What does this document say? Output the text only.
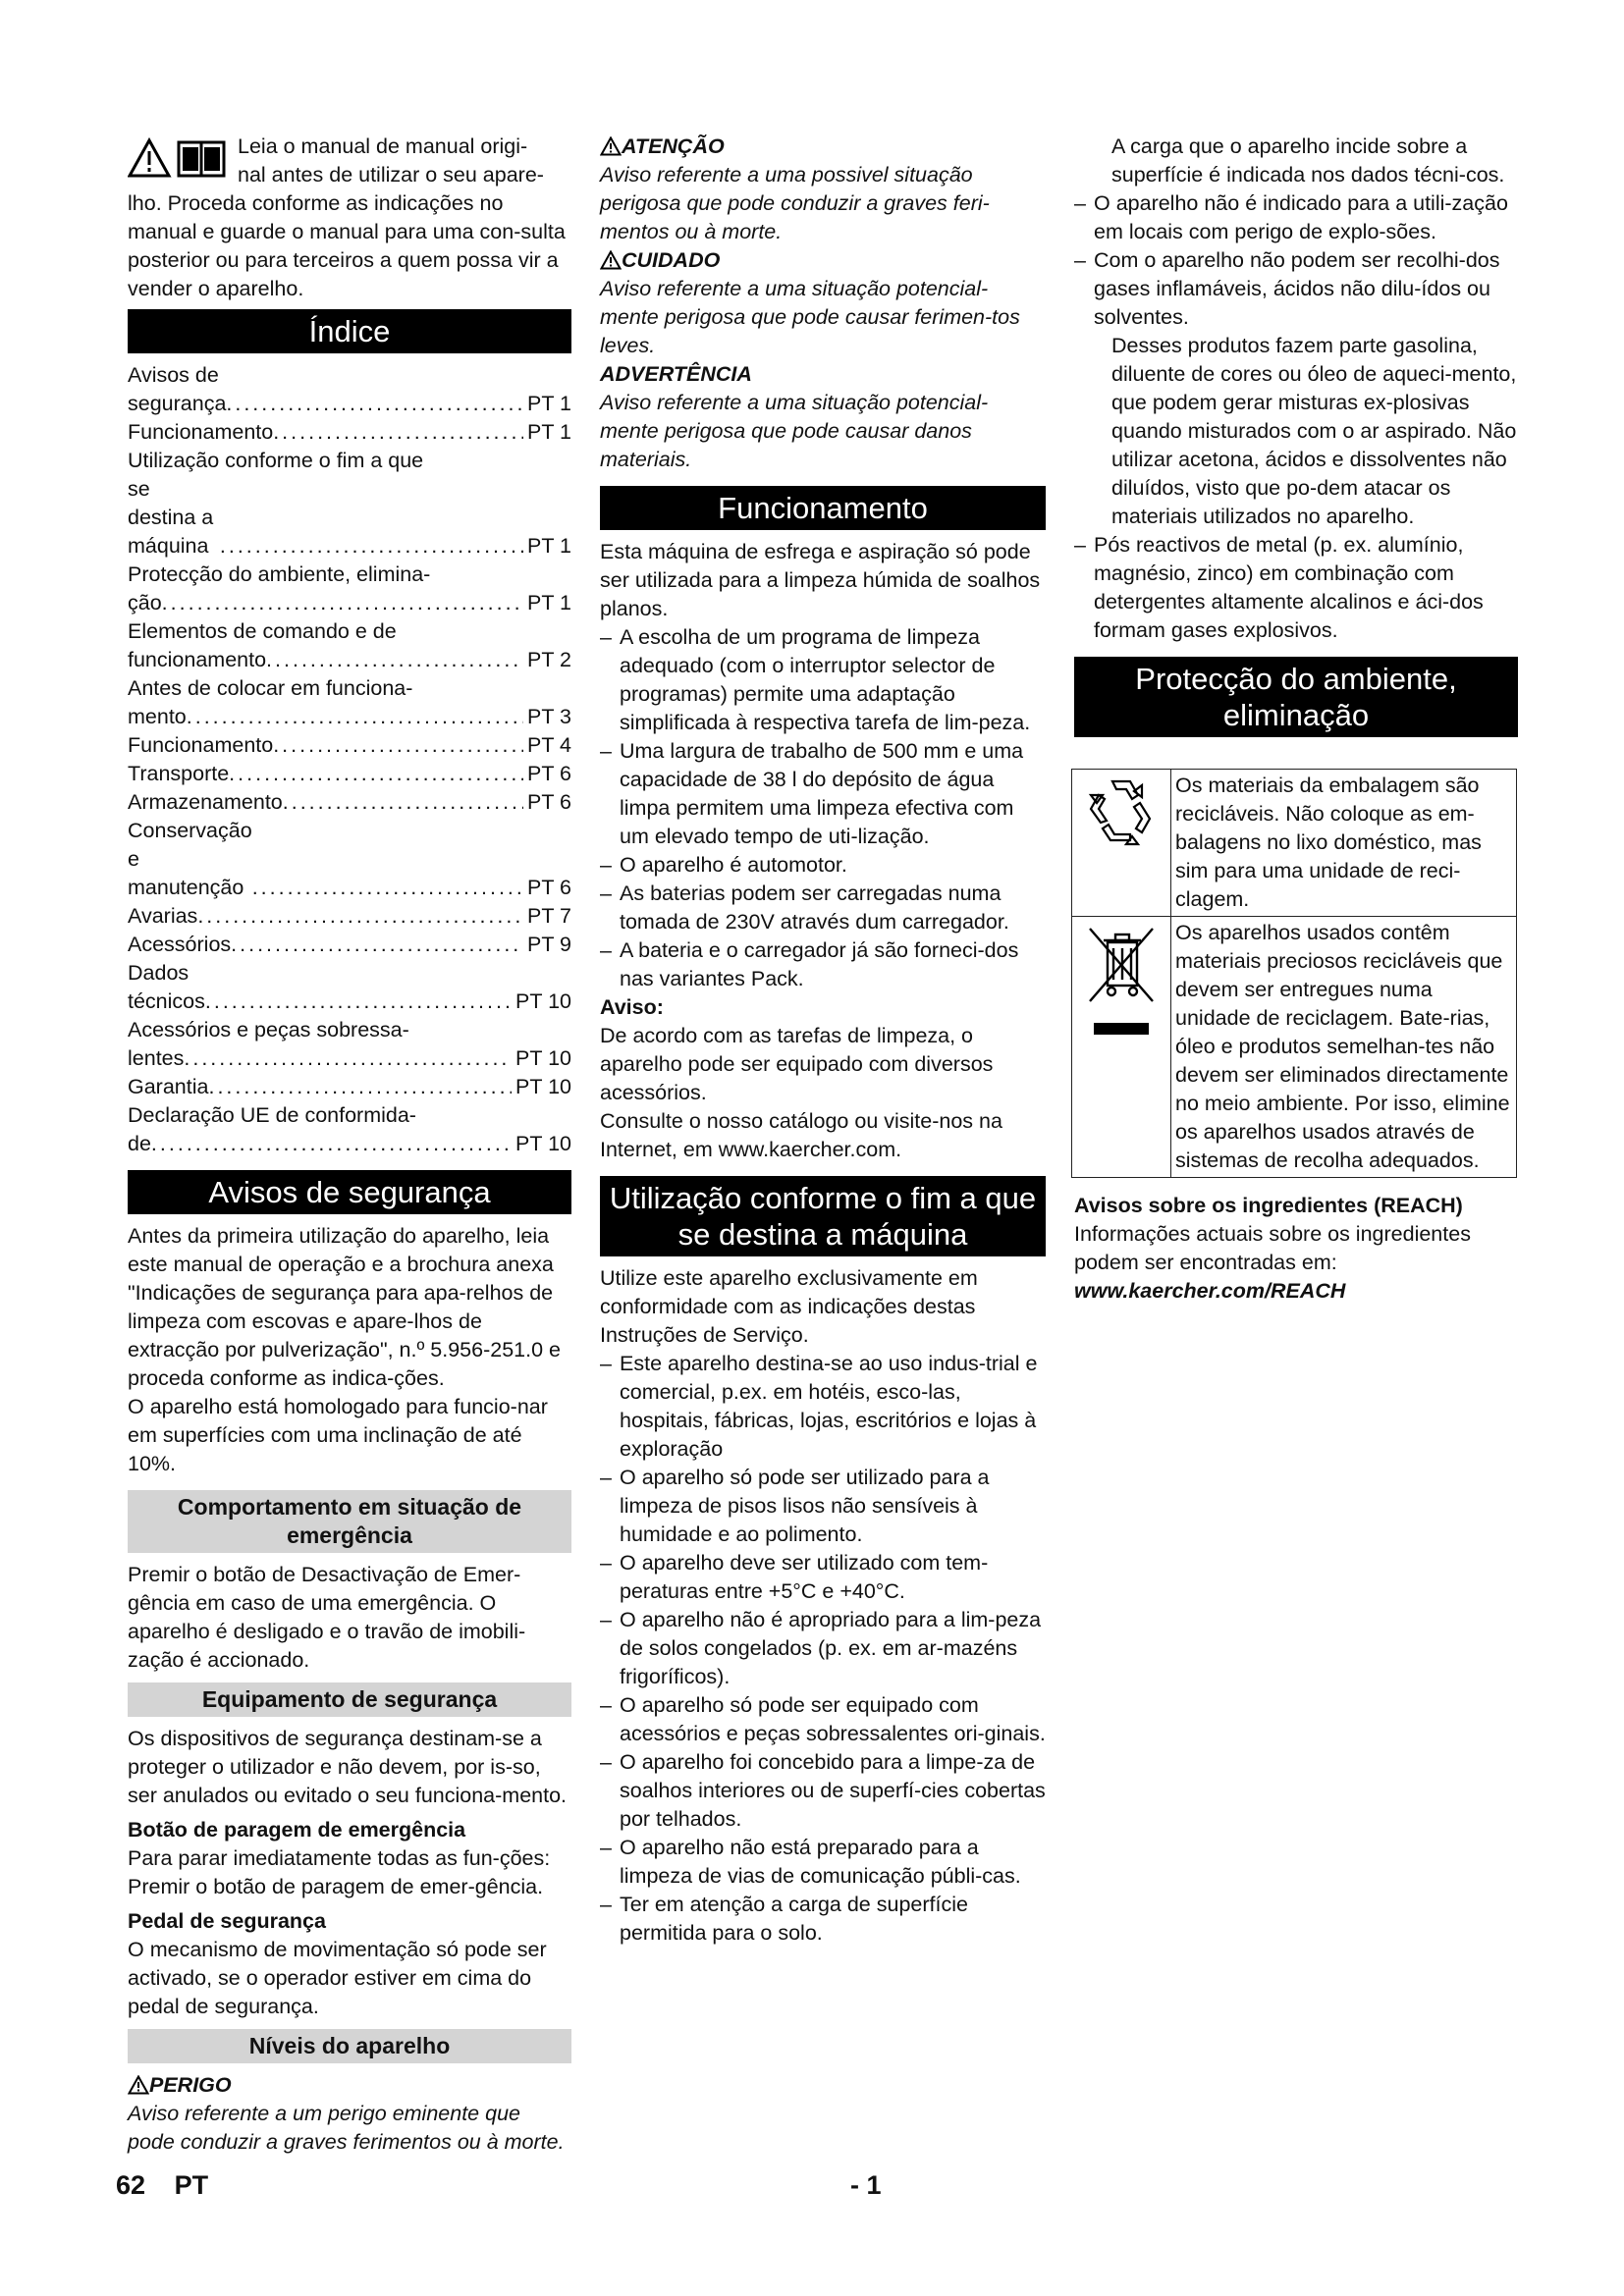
Leia o manual de manual origi-

nal antes de utilizar o seu apare-

lho. Proceda conforme as indicações no manual e guarde o manual para uma con-sulta posterior ou para terceiros a quem possa vir a vender o aparelho.

Índice
Avisos de segurança .....	PT 1
Funcionamento .....	PT 1
Utilização conforme o fim a que
se destina a máquina .....	PT 1
Protecção do ambiente, elimina-
ção .....	PT 1
Elementos de comando e de
funcionamento .....	PT 2
Antes de colocar em funciona-
mento .....	PT 3
Funcionamento .....	PT 4
Transporte .....	PT 6
Armazenamento .....	PT 6
Conservação e manutenção .....	PT 6
Avarias .....	PT 7
Acessórios .....	PT 9
Dados técnicos .....	PT 10
Acessórios e peças sobressa-
lentes .....	PT 10
Garantia .....	PT 10
Declaração UE de conformida-
de .....	PT 10
Avisos de segurança

Antes da primeira utilização do aparelho, leia este manual de operação e a brochura anexa "Indicações de segurança para apa-relhos de limpeza com escovas e apare-lhos de extracção por pulverização", n.º 5.956-251.0 e proceda conforme as indica-ções.

O aparelho está homologado para funcio-nar em superfícies com uma inclinação de até 10%.

Comportamento em situação de emergência

Premir o botão de Desactivação de Emer-gência em caso de uma emergência. O aparelho é desligado e o travão de imobili-zação é accionado.

Equipamento de segurança

Os dispositivos de segurança destinam-se a proteger o utilizador e não devem, por is-so, ser anulados ou evitado o seu funciona-mento.

Botão de paragem de emergência

Para parar imediatamente todas as fun-ções: Premir o botão de paragem de emer-gência.

Pedal de segurança

O mecanismo de movimentação só pode ser activado, se o operador estiver em cima do pedal de segurança.

Níveis do aparelho

PERIGO

Aviso referente a um perigo eminente que pode conduzir a graves ferimentos ou à morte.

ATENÇÃO

Aviso referente a uma possivel situação perigosa que pode conduzir a graves feri-mentos ou à morte.

CUIDADO

Aviso referente a uma situação potencial-mente perigosa que pode causar ferimen-tos leves.

ADVERTÊNCIA

Aviso referente a uma situação potencial-mente perigosa que pode causar danos materiais.

Funcionamento

Esta máquina de esfrega e aspiração só pode ser utilizada para a limpeza húmida de soalhos planos.

– A escolha de um programa de limpeza adequado (com o interruptor selector de programas) permite uma adaptação simplificada à respectiva tarefa de lim-peza.
– Uma largura de trabalho de 500 mm e uma capacidade de 38 l do depósito de água limpa permitem uma limpeza efectiva com um elevado tempo de uti-lização.
– O aparelho é automotor.
– As baterias podem ser carregadas numa tomada de 230V através dum carregador.
– A bateria e o carregador já são forneci-dos nas variantes Pack.

Aviso:

De acordo com as tarefas de limpeza, o aparelho pode ser equipado com diversos acessórios.

Consulte o nosso catálogo ou visite-nos na Internet, em www.kaercher.com.

Utilização conforme o fim a que se destina a máquina

Utilize este aparelho exclusivamente em conformidade com as indicações destas Instruções de Serviço.

– Este aparelho destina-se ao uso indus-trial e comercial, p.ex. em hotéis, esco-las, hospitais, fábricas, lojas, escritórios e lojas à exploração
– O aparelho só pode ser utilizado para a limpeza de pisos lisos não sensíveis à humidade e ao polimento.
– O aparelho deve ser utilizado com tem-peraturas entre +5°C e +40°C.
– O aparelho não é apropriado para a lim-peza de solos congelados (p. ex. em ar-mazéns frigoríficos).
– O aparelho só pode ser equipado com acessórios e peças sobressalentes ori-ginais.
– O aparelho foi concebido para a limpe-za de soalhos interiores ou de superfí-cies cobertas por telhados.
– O aparelho não está preparado para a limpeza de vias de comunicação públi-cas.
– Ter em atenção a carga de superfície permitida para o solo.

A carga que o aparelho incide sobre a superfície é indicada nos dados técni-cos.

– O aparelho não é indicado para a utili-zação em locais com perigo de explo-sões.
– Com o aparelho não podem ser recolhi-dos gases inflamáveis, ácidos não dilu-ídos ou solventes.

Desses produtos fazem parte gasolina, diluente de cores ou óleo de aqueci-mento, que podem gerar misturas ex-plosivas quando misturados com o ar aspirado. Não utilizar acetona, ácidos e dissolventes não diluídos, visto que po-dem atacar os materiais utilizados no aparelho.

– Pós reactivos de metal (p. ex. alumínio, magnésio, zinco) em combinação com detergentes altamente alcalinos e áci-dos formam gases explosivos.
Protecção do ambiente, eliminação
	Os materiais da embalagem são recicláveis. Não coloque as em-balagens no lixo doméstico, mas sim para uma unidade de reci-clagem.
	Os aparelhos usados contêm materiais preciosos recicláveis que devem ser entregues numa unidade de reciclagem. Bate-rias, óleo e produtos semelhan-tes não devem ser eliminados directamente no meio ambiente. Por isso, elimine os aparelhos usados através de sistemas de recolha adequados.

Avisos sobre os ingredientes (REACH)

Informações actuais sobre os ingredientes podem ser encontradas em:

www.kaercher.com/REACH

62 PT	- 1
